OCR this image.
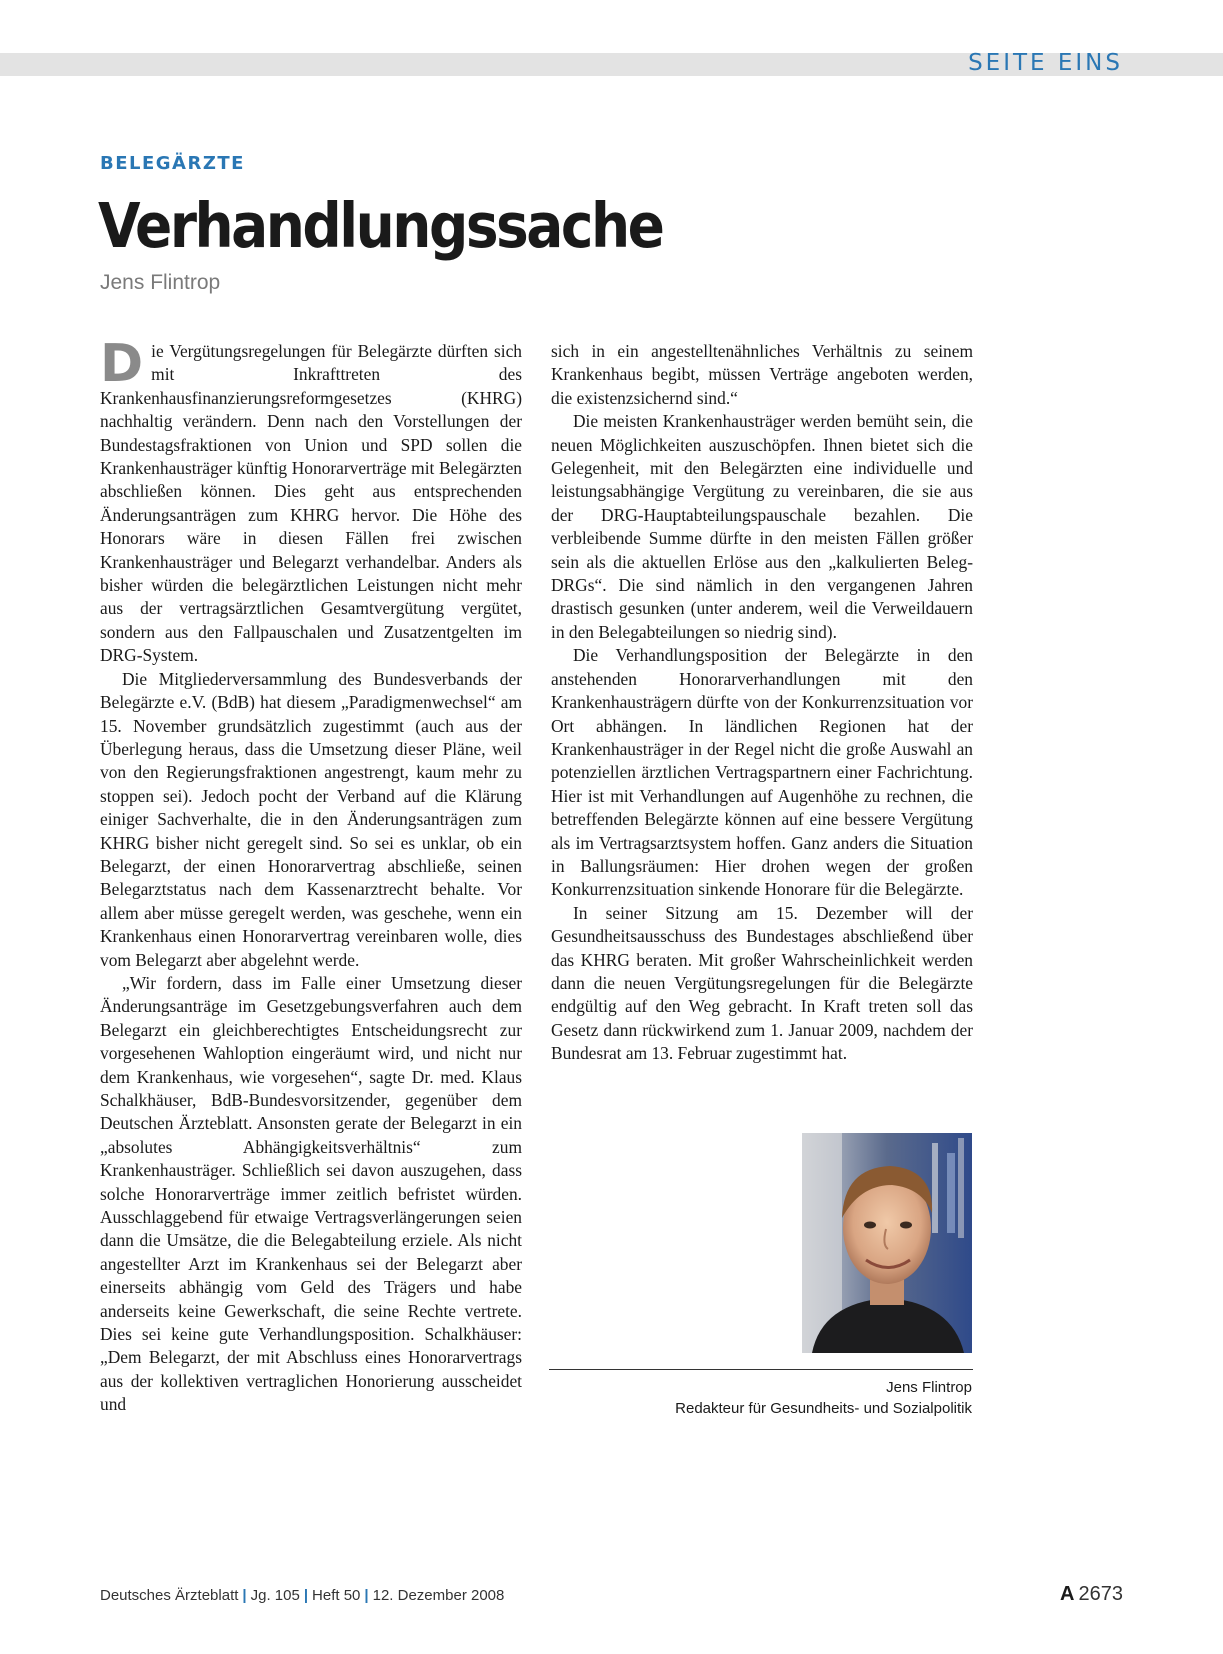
SEITE EINS
BELEGÄRZTE
Verhandlungssache
Jens Flintrop

Die Vergütungsregelungen für Belegärzte dürften sich mit Inkrafttreten des Krankenhausfinanzierungsreformgesetzes (KHRG) nachhaltig verändern. Denn nach den Vorstellungen der Bundestagsfraktionen von Union und SPD sollen die Krankenhausträger künftig Honorarverträge mit Belegärzten abschließen können. Dies geht aus entsprechenden Änderungsanträgen zum KHRG hervor. Die Höhe des Honorars wäre in diesen Fällen frei zwischen Krankenhausträger und Belegarzt verhandelbar. Anders als bisher würden die belegärztlichen Leistungen nicht mehr aus der vertragsärztlichen Gesamtvergütung vergütet, sondern aus den Fallpauschalen und Zusatzentgelten im DRG-System.

Die Mitgliederversammlung des Bundesverbands der Belegärzte e.V. (BdB) hat diesem „Paradigmenwechsel“ am 15. November grundsätzlich zugestimmt (auch aus der Überlegung heraus, dass die Umsetzung dieser Pläne, weil von den Regierungsfraktionen angestrengt, kaum mehr zu stoppen sei). Jedoch pocht der Verband auf die Klärung einiger Sachverhalte, die in den Änderungsanträgen zum KHRG bisher nicht geregelt sind. So sei es unklar, ob ein Belegarzt, der einen Honorarvertrag abschließe, seinen Belegarztstatus nach dem Kassenarztrecht behalte. Vor allem aber müsse geregelt werden, was geschehe, wenn ein Krankenhaus einen Honorarvertrag vereinbaren wolle, dies vom Belegarzt aber abgelehnt werde.

„Wir fordern, dass im Falle einer Umsetzung dieser Änderungsanträge im Gesetzgebungsverfahren auch dem Belegarzt ein gleichberechtigtes Entscheidungsrecht zur vorgesehenen Wahloption eingeräumt wird, und nicht nur dem Krankenhaus, wie vorgesehen“, sagte Dr. med. Klaus Schalkhäuser, BdB-Bundesvorsitzender, gegenüber dem Deutschen Ärzteblatt. Ansonsten gerate der Belegarzt in ein „absolutes Abhängigkeitsverhältnis“ zum Krankenhausträger. Schließlich sei davon auszugehen, dass solche Honorarverträge immer zeitlich befristet würden. Ausschlaggebend für etwaige Vertragsverlängerungen seien dann die Umsätze, die die Belegabteilung erziele. Als nicht angestellter Arzt im Krankenhaus sei der Belegarzt aber einerseits abhängig vom Geld des Trägers und habe anderseits keine Gewerkschaft, die seine Rechte vertrete. Dies sei keine gute Verhandlungsposition. Schalkhäuser: „Dem Belegarzt, der mit Abschluss eines Honorarvertrags aus der kollektiven vertraglichen Honorierung ausscheidet und

sich in ein angestelltenähnliches Verhältnis zu seinem Krankenhaus begibt, müssen Verträge angeboten werden, die existenzsichernd sind.“

Die meisten Krankenhausträger werden bemüht sein, die neuen Möglichkeiten auszuschöpfen. Ihnen bietet sich die Gelegenheit, mit den Belegärzten eine individuelle und leistungsabhängige Vergütung zu vereinbaren, die sie aus der DRG-Hauptabteilungspauschale bezahlen. Die verbleibende Summe dürfte in den meisten Fällen größer sein als die aktuellen Erlöse aus den „kalkulierten Beleg-DRGs“. Die sind nämlich in den vergangenen Jahren drastisch gesunken (unter anderem, weil die Verweildauern in den Belegabteilungen so niedrig sind).

Die Verhandlungsposition der Belegärzte in den anstehenden Honorarverhandlungen mit den Krankenhausträgern dürfte von der Konkurrenzsituation vor Ort abhängen. In ländlichen Regionen hat der Krankenhausträger in der Regel nicht die große Auswahl an potenziellen ärztlichen Vertragspartnern einer Fachrichtung. Hier ist mit Verhandlungen auf Augenhöhe zu rechnen, die betreffenden Belegärzte können auf eine bessere Vergütung als im Vertragsarztsystem hoffen. Ganz anders die Situation in Ballungsräumen: Hier drohen wegen der großen Konkurrenzsituation sinkende Honorare für die Belegärzte.

In seiner Sitzung am 15. Dezember will der Gesundheitsausschuss des Bundestages abschließend über das KHRG beraten. Mit großer Wahrscheinlichkeit werden dann die neuen Vergütungsregelungen für die Belegärzte endgültig auf den Weg gebracht. In Kraft treten soll das Gesetz dann rückwirkend zum 1. Januar 2009, nachdem der Bundesrat am 13. Februar zugestimmt hat.

Jens Flintrop
Redakteur für Gesundheits- und Sozialpolitik
Deutsches Ärzteblatt | Jg. 105 | Heft 50 | 12. Dezember 2008	A 2673
